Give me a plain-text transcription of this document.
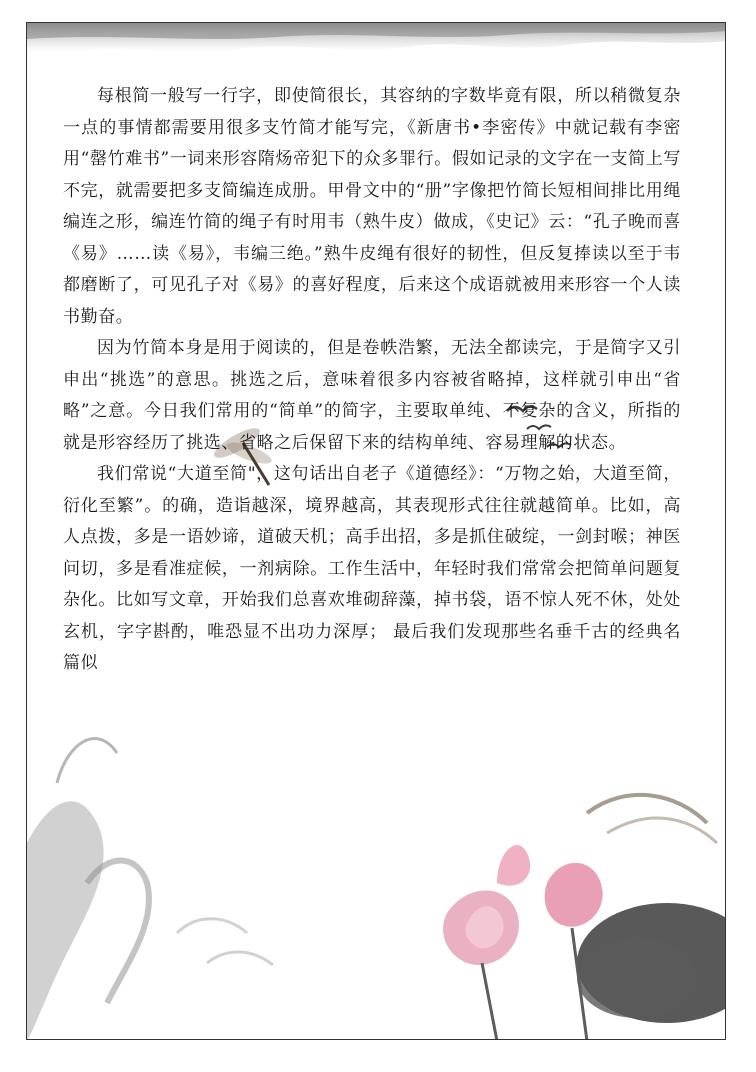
每根简一般写一行字，即使简很长，其容纳的字数毕竟有限，所以稍微复杂一点的事情都需要用很多支竹简才能写完，《新唐书•李密传》中就记载有李密用“罄竹难书”一词来形容隋炀帝犯下的众多罪行。假如记录的文字在一支简上写不完，就需要把多支简编连成册。甲骨文中的“册”字像把竹简长短相间排比用绳编连之形，编连竹简的绳子有时用韦（熟牛皮）做成，《史记》云：“孔子晚而喜《易》……读《易》，韦编三绝。”熟牛皮绳有很好的韧性，但反复捧读以至于韦都磨断了，可见孔子对《易》的喜好程度，后来这个成语就被用来形容一个人读书勤奋。

因为竹简本身是用于阅读的，但是卷帙浩繁，无法全都读完，于是简字又引申出“挑选”的意思。挑选之后，意味着很多内容被省略掉，这样就引申出“省略”之意。今日我们常用的“简单”的简字，主要取单纯、不复杂的含义，所指的就是形容经历了挑选、省略之后保留下来的结构单纯、容易理解的状态。

我们常说“大道至简"，这句话出自老子《道德经》：“万物之始，大道至简，衍化至繁”。的确，造诣越深，境界越高，其表现形式往往就越简单。比如，高人点拨，多是一语妙谛，道破天机；高手出招，多是抓住破绽，一剑封喉；神医问切，多是看准症候，一剂病除。工作生活中，年轻时我们常常会把简单问题复杂化。比如写文章，开始我们总喜欢堆砌辞藻，掉书袋，语不惊人死不休，处处玄机，字字斟酌，唯恐显不出功力深厚； 最后我们发现那些名垂千古的经典名篇似
